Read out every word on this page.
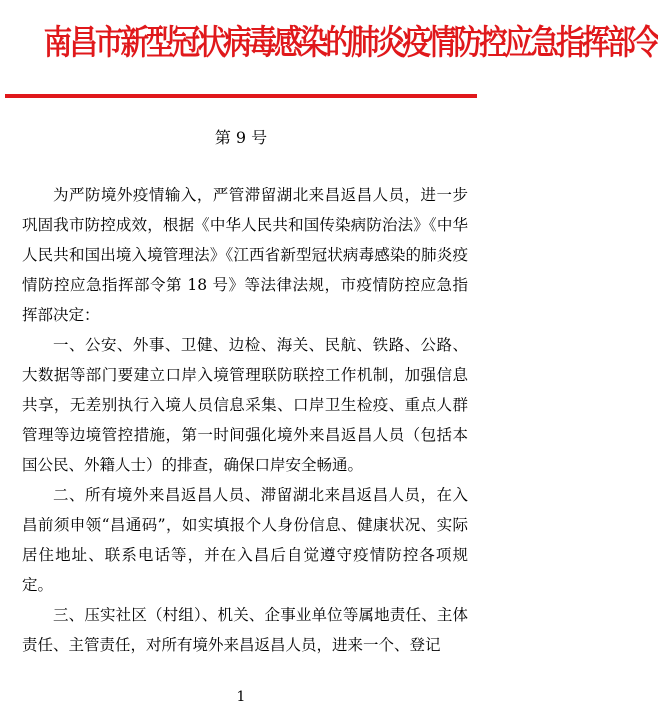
南昌市新型冠状病毒感染的肺炎疫情防控应急指挥部令
第 9 号

为严防境外疫情输入，严管滞留湖北来昌返昌人员，进一步巩固我市防控成效，根据《中华人民共和国传染病防治法》《中华人民共和国出境入境管理法》《江西省新型冠状病毒感染的肺炎疫情防控应急指挥部令第 18 号》等法律法规，市疫情防控应急指挥部决定：

一、公安、外事、卫健、边检、海关、民航、铁路、公路、大数据等部门要建立口岸入境管理联防联控工作机制，加强信息共享，无差别执行入境人员信息采集、口岸卫生检疫、重点人群管理等边境管控措施，第一时间强化境外来昌返昌人员（包括本国公民、外籍人士）的排查，确保口岸安全畅通。

二、所有境外来昌返昌人员、滞留湖北来昌返昌人员，在入昌前须申领“昌通码”，如实填报个人身份信息、健康状况、实际居住地址、联系电话等，并在入昌后自觉遵守疫情防控各项规定。

三、压实社区（村组）、机关、企事业单位等属地责任、主体责任、主管责任，对所有境外来昌返昌人员，进来一个、登记

1
